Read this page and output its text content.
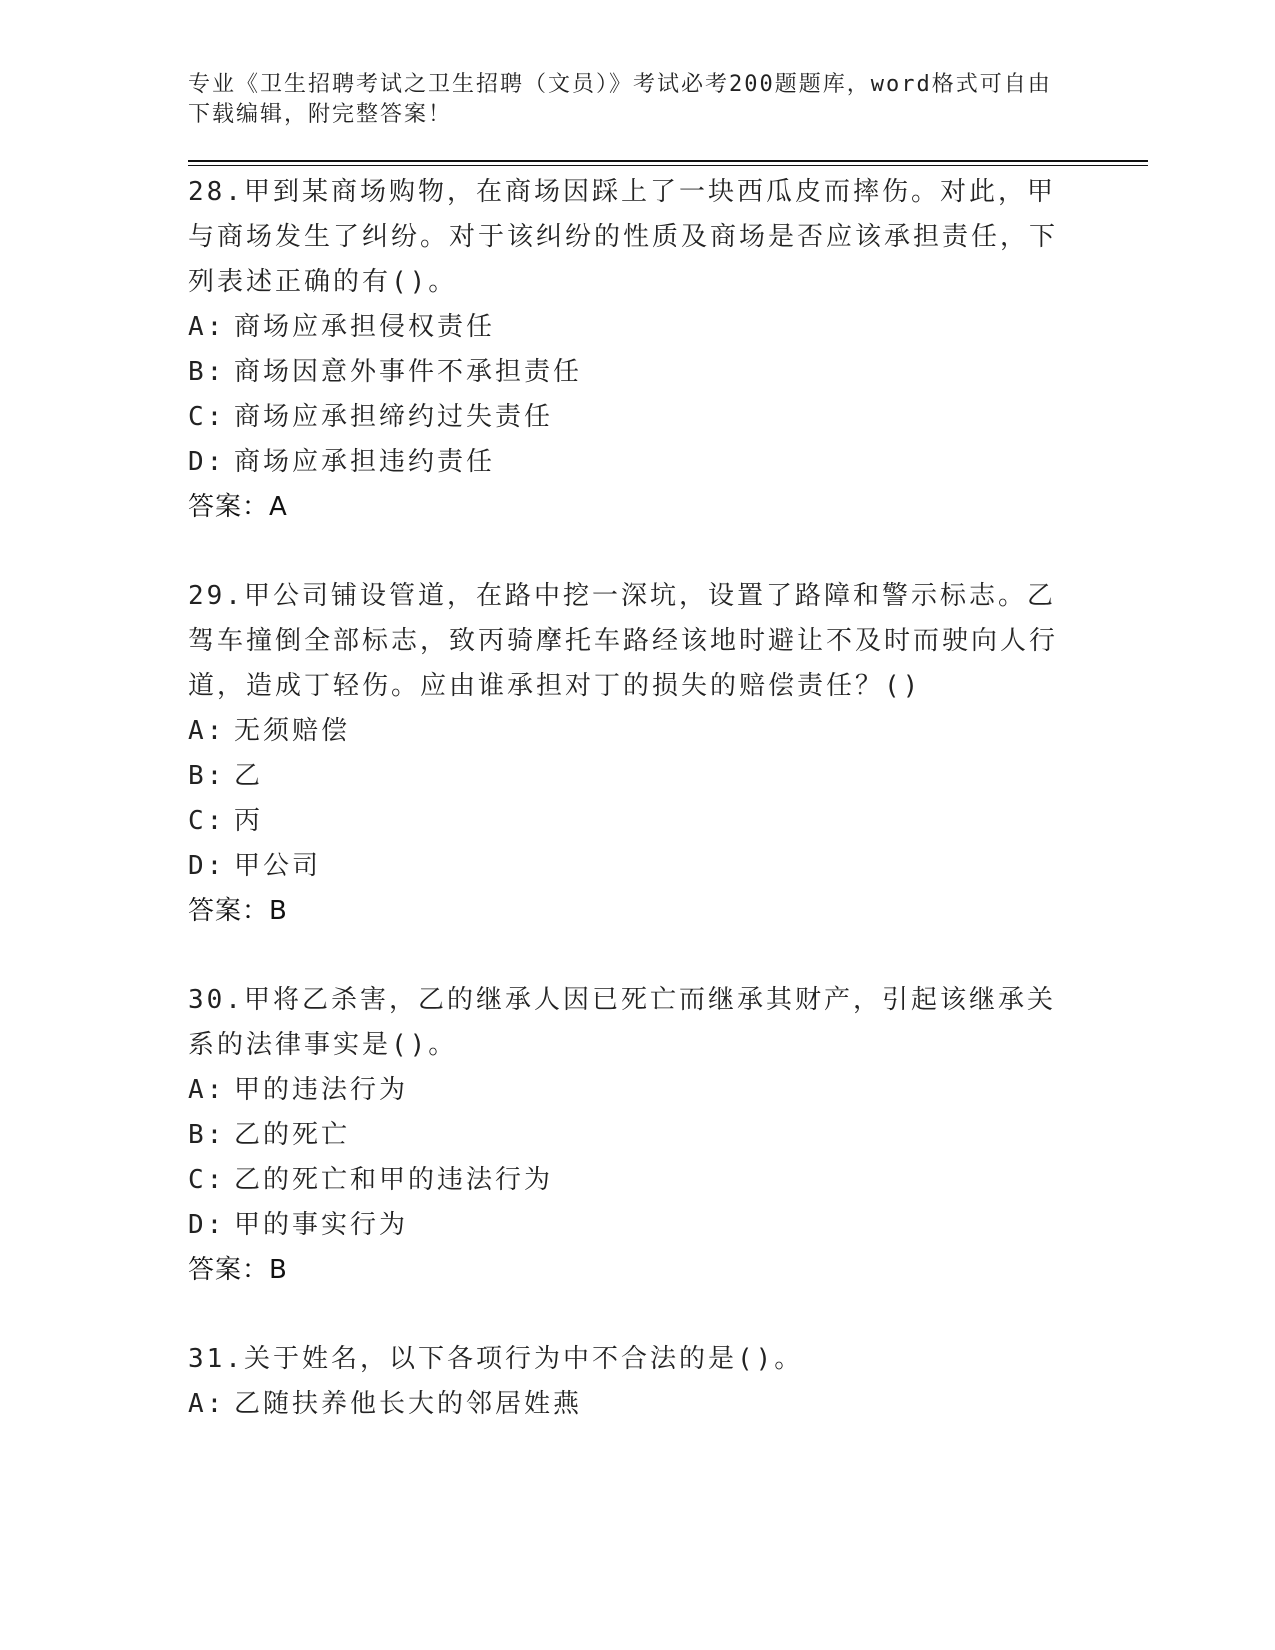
专业《卫生招聘考试之卫生招聘（文员）》考试必考200题题库，word格式可自由下载编辑，附完整答案！
28.甲到某商场购物，在商场因踩上了一块西瓜皮而摔伤。对此，甲与商场发生了纠纷。对于该纠纷的性质及商场是否应该承担责任，下列表述正确的有()。
A: 商场应承担侵权责任
B: 商场因意外事件不承担责任
C: 商场应承担缔约过失责任
D: 商场应承担违约责任
答案：A
29.甲公司铺设管道，在路中挖一深坑，设置了路障和警示标志。乙驾车撞倒全部标志，致丙骑摩托车路经该地时避让不及时而驶向人行道，造成丁轻伤。应由谁承担对丁的损失的赔偿责任？()
A: 无须赔偿
B: 乙
C: 丙
D: 甲公司
答案：B
30.甲将乙杀害，乙的继承人因已死亡而继承其财产，引起该继承关系的法律事实是()。
A: 甲的违法行为
B: 乙的死亡
C: 乙的死亡和甲的违法行为
D: 甲的事实行为
答案：B
31.关于姓名，以下各项行为中不合法的是()。
A: 乙随扶养他长大的邻居姓燕
